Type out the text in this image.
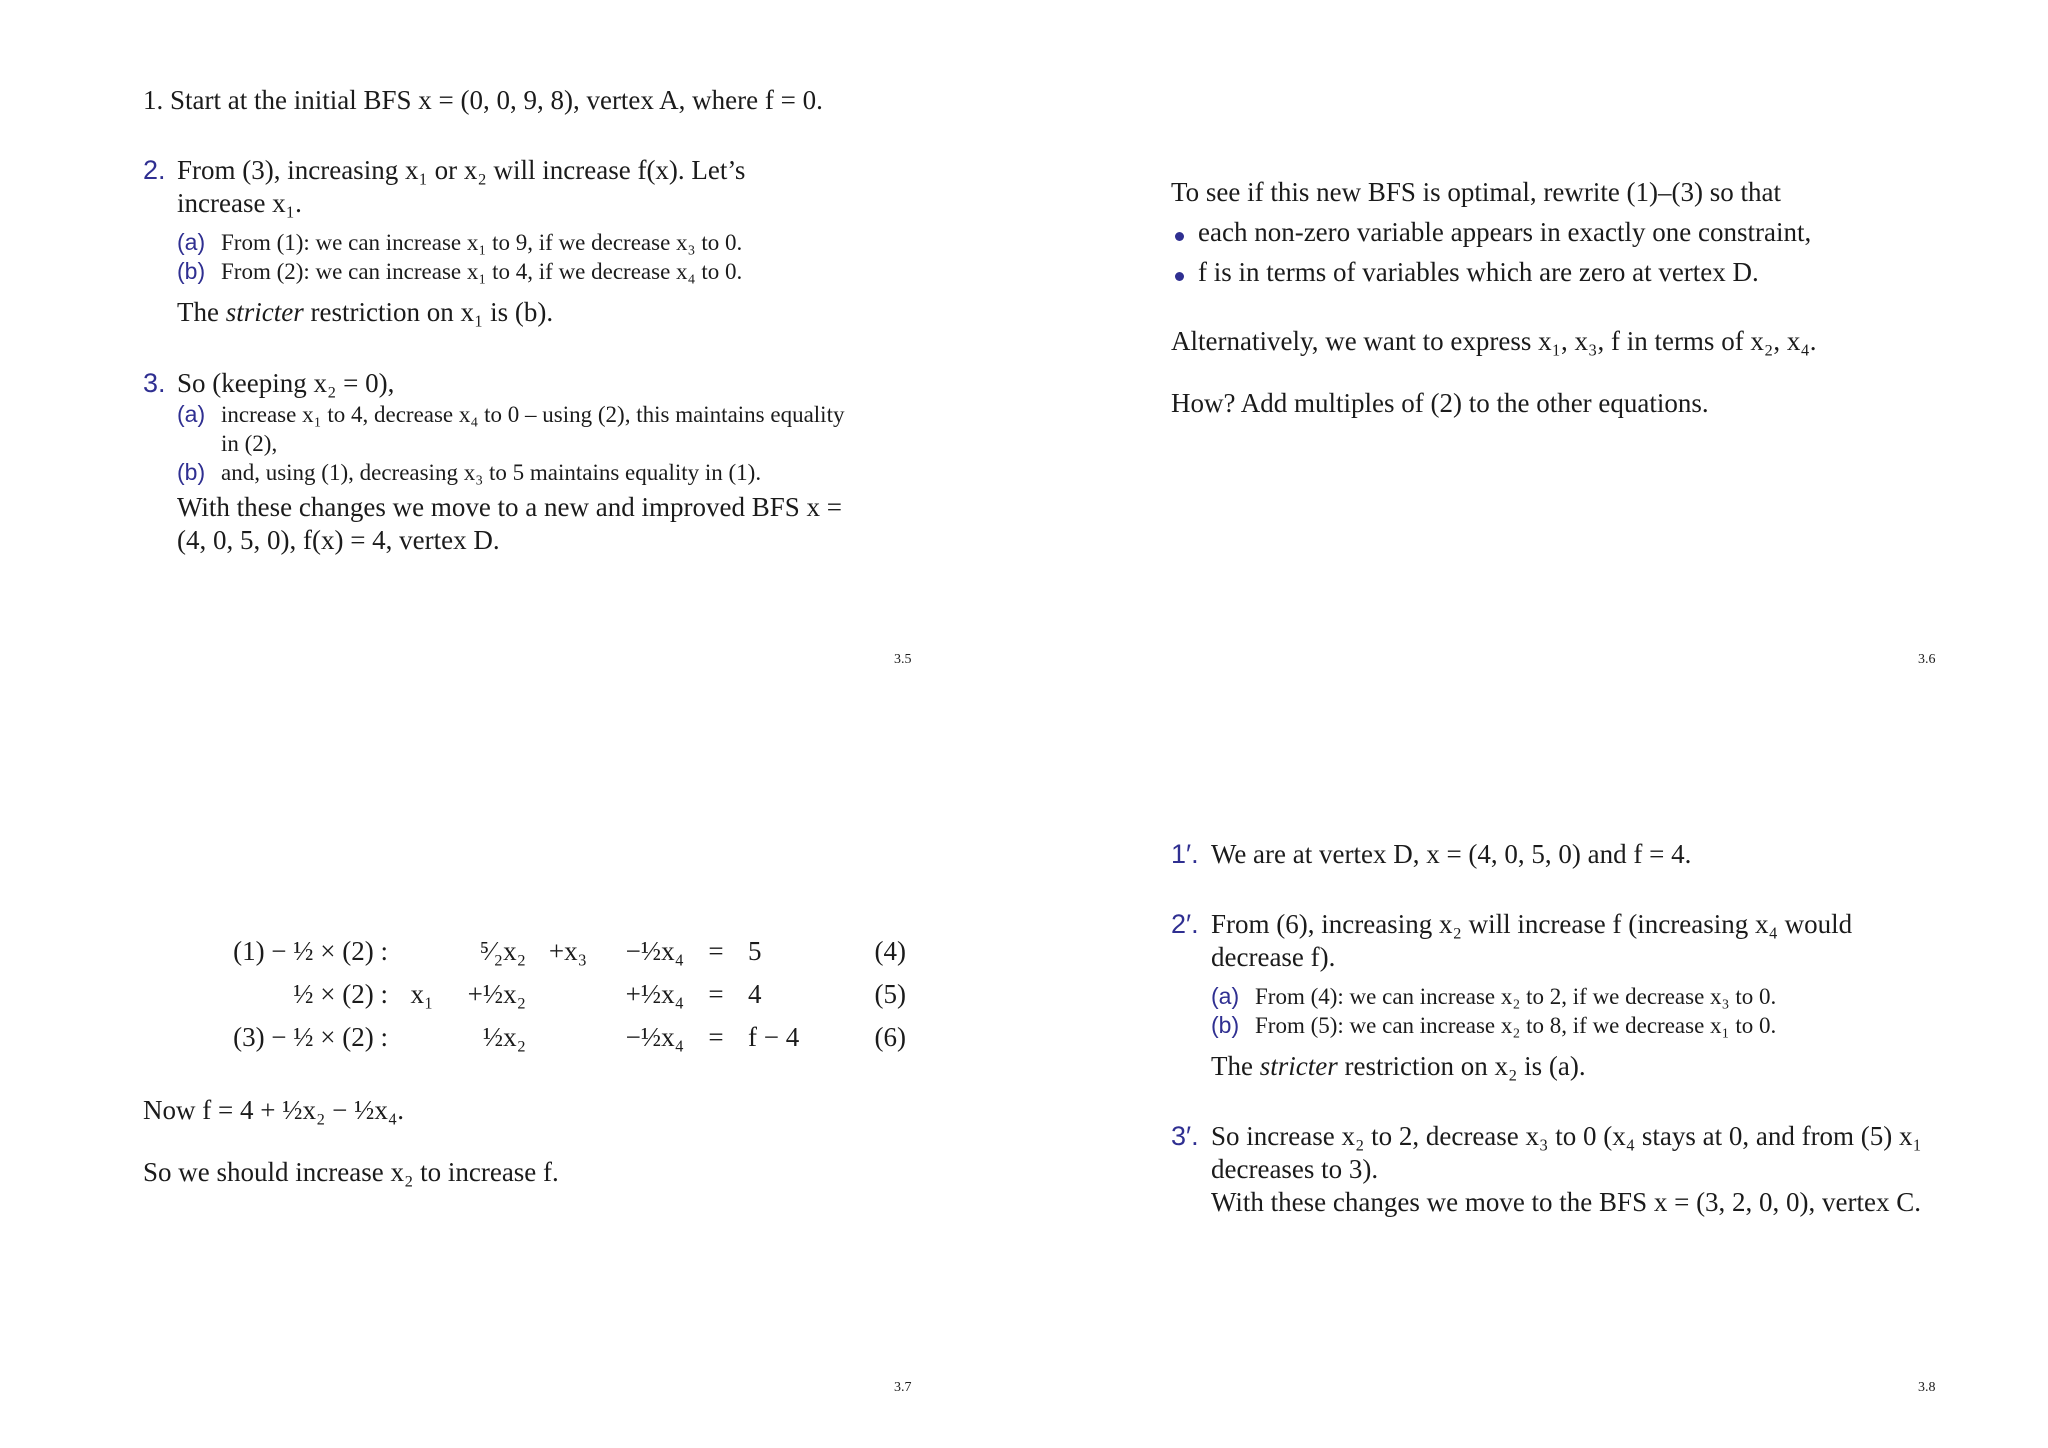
1. Start at the initial BFS x = (0, 0, 9, 8), vertex A, where f = 0.
2. From (3), increasing x₁ or x₂ will increase f(x). Let’s increase x₁.
(a) From (1): we can increase x₁ to 9, if we decrease x₃ to 0.
(b) From (2): we can increase x₁ to 4, if we decrease x₄ to 0.
The stricter restriction on x₁ is (b).
3. So (keeping x₂ = 0),
(a) increase x₁ to 4, decrease x₄ to 0 – using (2), this maintains equality in (2),
(b) and, using (1), decreasing x₃ to 5 maintains equality in (1).
With these changes we move to a new and improved BFS x = (4, 0, 5, 0), f(x) = 4, vertex D.
3.5
To see if this new BFS is optimal, rewrite (1)–(3) so that
each non-zero variable appears in exactly one constraint,
f is in terms of variables which are zero at vertex D.
Alternatively, we want to express x₁, x₃, f in terms of x₂, x₄.
How? Add multiples of (2) to the other equations.
3.6
(1) − ½ × (2) :		⁵⁄₂x₂	+x₃	−½x₄	=	5	(4)
½ × (2) :	x₁	+½x₂		+½x₄	=	4	(5)
(3) − ½ × (2) :		½x₂		−½x₄	=	f − 4	(6)
Now f = 4 + ½x₂ − ½x₄.
So we should increase x₂ to increase f.
3.7
1′. We are at vertex D, x = (4, 0, 5, 0) and f = 4.
2′. From (6), increasing x₂ will increase f (increasing x₄ would decrease f).
(a) From (4): we can increase x₂ to 2, if we decrease x₃ to 0.
(b) From (5): we can increase x₂ to 8, if we decrease x₁ to 0.
The stricter restriction on x₂ is (a).
3′. So increase x₂ to 2, decrease x₃ to 0 (x₄ stays at 0, and from (5) x₁ decreases to 3).
With these changes we move to the BFS x = (3, 2, 0, 0), vertex C.
3.8
